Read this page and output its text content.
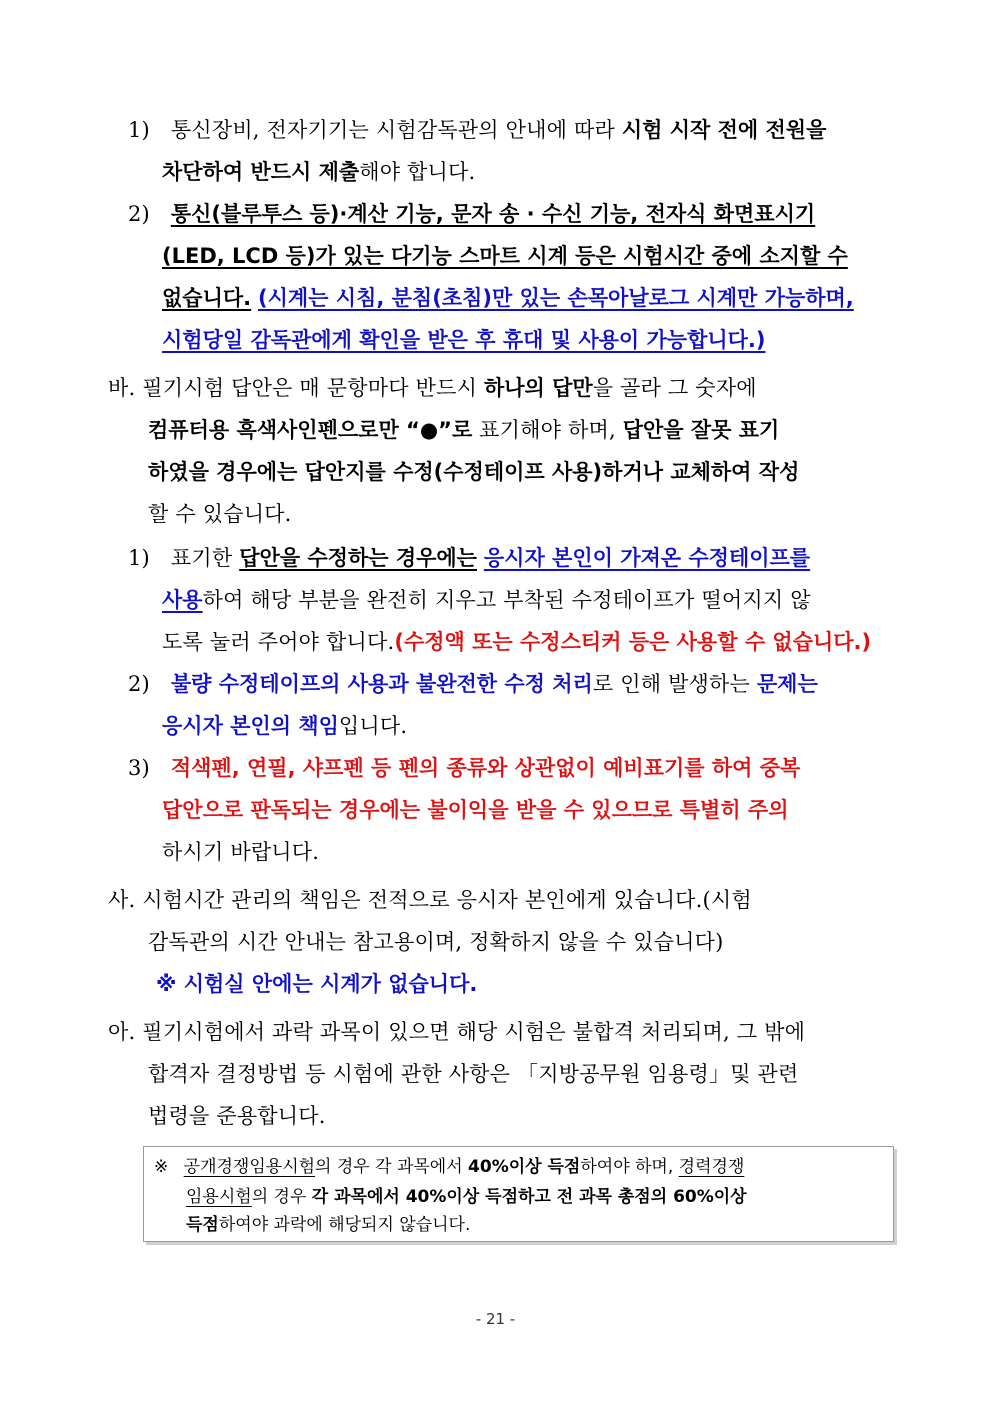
1) 통신장비, 전자기기는 시험감독관의 안내에 따라 시험 시작 전에 전원을
차단하여 반드시 제출해야 합니다.
2) 통신(블루투스 등)·계산 기능, 문자 송 · 수신 기능, 전자식 화면표시기
(LED, LCD 등)가 있는 다기능 스마트 시계 등은 시험시간 중에 소지할 수
없습니다. (시계는 시침, 분침(초침)만 있는 손목아날로그 시계만 가능하며,
시험당일 감독관에게 확인을 받은 후 휴대 및 사용이 가능합니다.)
바. 필기시험 답안은 매 문항마다 반드시 하나의 답만을 골라 그 숫자에
컴퓨터용 흑색사인펜으로만 “●”로 표기해야 하며, 답안을 잘못 표기
하였을 경우에는 답안지를 수정(수정테이프 사용)하거나 교체하여 작성
할 수 있습니다.
1) 표기한 답안을 수정하는 경우에는 응시자 본인이 가져온 수정테이프를
사용하여 해당 부분을 완전히 지우고 부착된 수정테이프가 떨어지지 않
도록 눌러 주어야 합니다.(수정액 또는 수정스티커 등은 사용할 수 없습니다.)
2) 불량 수정테이프의 사용과 불완전한 수정 처리로 인해 발생하는 문제는
응시자 본인의 책임입니다.
3) 적색펜, 연필, 샤프펜 등 펜의 종류와 상관없이 예비표기를 하여 중복
답안으로 판독되는 경우에는 불이익을 받을 수 있으므로 특별히 주의
하시기 바랍니다.
사. 시험시간 관리의 책임은 전적으로 응시자 본인에게 있습니다.(시험
감독관의 시간 안내는 참고용이며, 정확하지 않을 수 있습니다)
※ 시험실 안에는 시계가 없습니다.
아. 필기시험에서 과락 과목이 있으면 해당 시험은 불합격 처리되며, 그 밖에
합격자 결정방법 등 시험에 관한 사항은 「지방공무원 임용령」및 관련
법령을 준용합니다.
※ 공개경쟁임용시험의 경우 각 과목에서 40%이상 득점하여야 하며, 경력경쟁
임용시험의 경우 각 과목에서 40%이상 득점하고 전 과목 총점의 60%이상
득점하여야 과락에 해당되지 않습니다.
- 21 -
